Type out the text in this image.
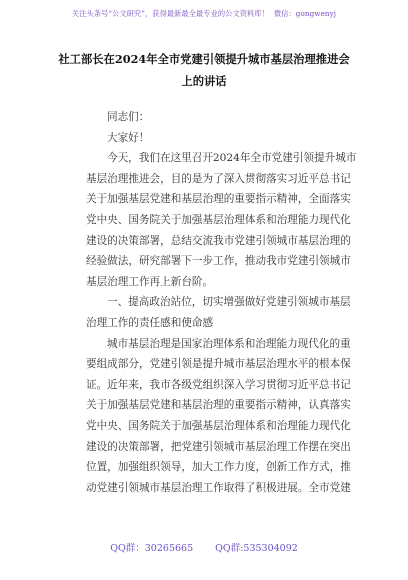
关注头条号“公文研究”，获得最新最全最专业的公文资料库！ 微信：gongwenyj
社工部长在2024年全市党建引领提升城市基层治理推进会
上的讲话
同志们：
大家好！
今天，我们在这里召开2024年全市党建引领提升城市
基层治理推进会，目的是为了深入贯彻落实习近平总书记
关于加强基层党建和基层治理的重要指示精神，全面落实
党中央、国务院关于加强基层治理体系和治理能力现代化
建设的决策部署，总结交流我市党建引领城市基层治理的
经验做法，研究部署下一步工作，推动我市党建引领城市
基层治理工作再上新台阶。
一、提高政治站位，切实增强做好党建引领城市基层
治理工作的责任感和使命感
城市基层治理是国家治理体系和治理能力现代化的重
要组成部分，党建引领是提升城市基层治理水平的根本保
证。近年来，我市各级党组织深入学习贯彻习近平总书记
关于加强基层党建和基层治理的重要指示精神，认真落实
党中央、国务院关于加强基层治理体系和治理能力现代化
建设的决策部署，把党建引领城市基层治理工作摆在突出
位置，加强组织领导，加大工作力度，创新工作方式，推
动党建引领城市基层治理工作取得了积极进展。全市党建
QQ群：30265665 QQ群:535304092
